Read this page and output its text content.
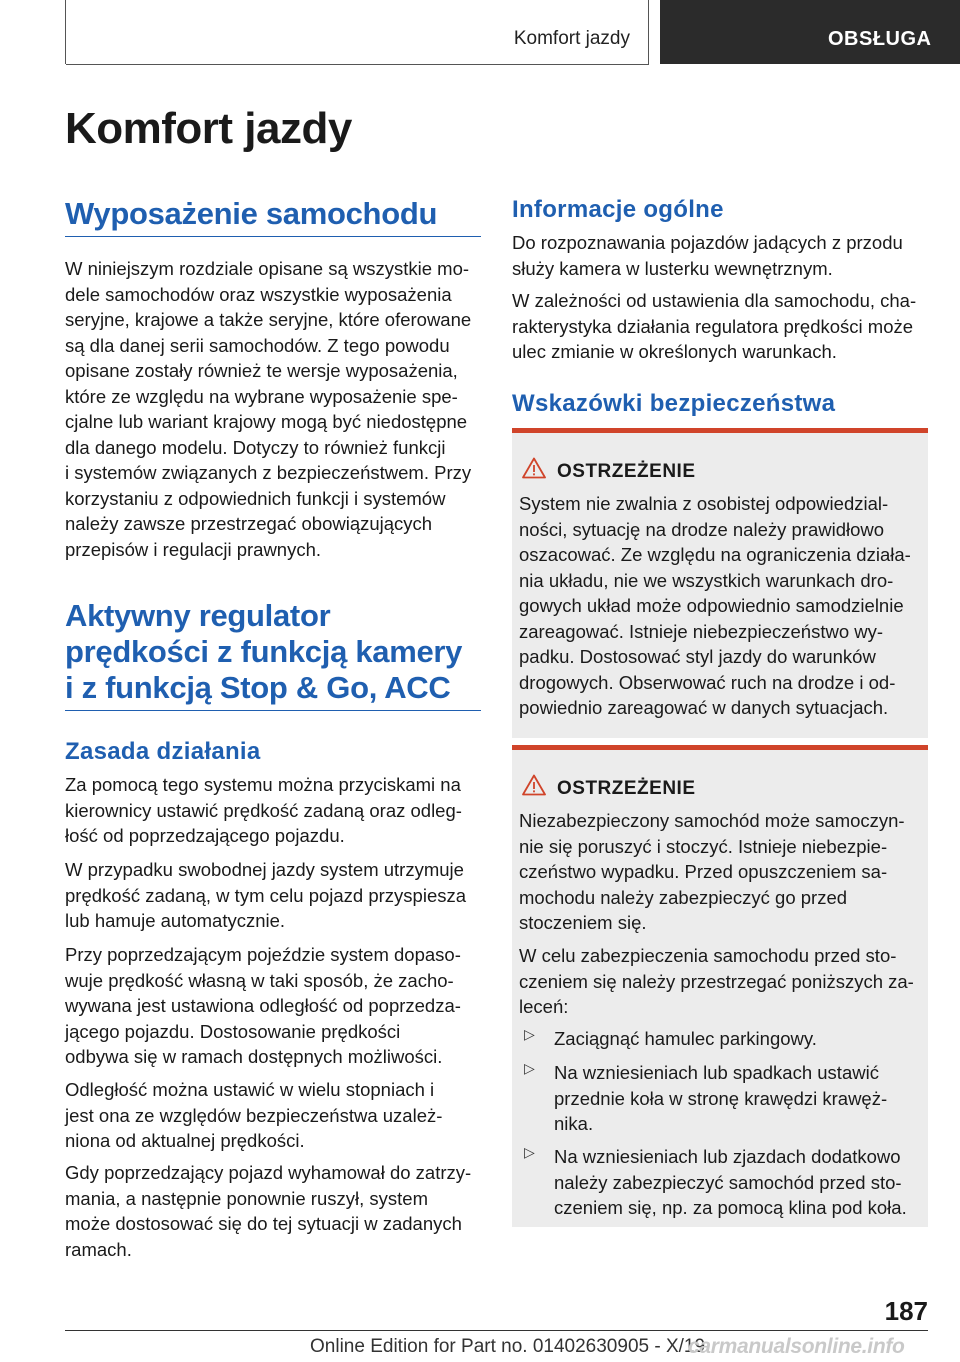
Komfort jazdy	OBSŁUGA
Komfort jazdy
Wyposażenie samochodu

W niniejszym rozdziale opisane są wszystkie mo‐

dele samochodów oraz wszystkie wyposażenia

seryjne, krajowe a także seryjne, które oferowane

są dla danej serii samochodów. Z tego powodu

opisane zostały również te wersje wyposażenia,

które ze względu na wybrane wyposażenie spe‐

cjalne lub wariant krajowy mogą być niedostępne

dla danego modelu. Dotyczy to również funkcji

i systemów związanych z bezpieczeństwem. Przy

korzystaniu z odpowiednich funkcji i systemów

należy zawsze przestrzegać obowiązujących

przepisów i regulacji prawnych.

Aktywny regulator
prędkości z funkcją kamery
i z funkcją Stop & Go, ACC
Zasada działania

Za pomocą tego systemu można przyciskami na

kierownicy ustawić prędkość zadaną oraz odleg‐

łość od poprzedzającego pojazdu.

W przypadku swobodnej jazdy system utrzymuje

prędkość zadaną, w tym celu pojazd przyspiesza

lub hamuje automatycznie.

Przy poprzedzającym pojeździe system dopaso‐

wuje prędkość własną w taki sposób, że zacho‐

wywana jest ustawiona odległość od poprzedza‐

jącego pojazdu. Dostosowanie prędkości

odbywa się w ramach dostępnych możliwości.

Odległość można ustawić w wielu stopniach i

jest ona ze względów bezpieczeństwa uzależ‐

niona od aktualnej prędkości.

Gdy poprzedzający pojazd wyhamował do zatrzy‐

mania, a następnie ponownie ruszył, system

może dostosować się do tej sytuacji w zadanych

ramach.

Informacje ogólne

Do rozpoznawania pojazdów jadących z przodu

służy kamera w lusterku wewnętrznym.

W zależności od ustawienia dla samochodu, cha‐

rakterystyka działania regulatora prędkości może

ulec zmianie w określonych warunkach.

Wskazówki bezpieczeństwa
OSTRZEŻENIE

System nie zwalnia z osobistej odpowiedzial‐

ności, sytuację na drodze należy prawidłowo

oszacować. Ze względu na ograniczenia działa‐

nia układu, nie we wszystkich warunkach dro‐

gowych układ może odpowiednio samodzielnie

zareagować. Istnieje niebezpieczeństwo wy‐

padku. Dostosować styl jazdy do warunków

drogowych. Obserwować ruch na drodze i od‐

powiednio zareagować w danych sytuacjach.

OSTRZEŻENIE

Niezabezpieczony samochód może samoczyn‐

nie się poruszyć i stoczyć. Istnieje niebezpie‐

czeństwo wypadku. Przed opuszczeniem sa‐

mochodu należy zabezpieczyć go przed

stoczeniem się.

W celu zabezpieczenia samochodu przed sto‐

czeniem się należy przestrzegać poniższych za‐

leceń:

▷ Zaciągnąć hamulec parkingowy.

▷ Na wzniesieniach lub spadkach ustawić

przednie koła w stronę krawędzi krawęż‐

nika.

▷ Na wzniesieniach lub zjazdach dodatkowo

należy zabezpieczyć samochód przed sto‐

czeniem się, np. za pomocą klina pod koła.

187
Online Edition for Part no. 01402630905 - X/19
carmanualsonline.info
